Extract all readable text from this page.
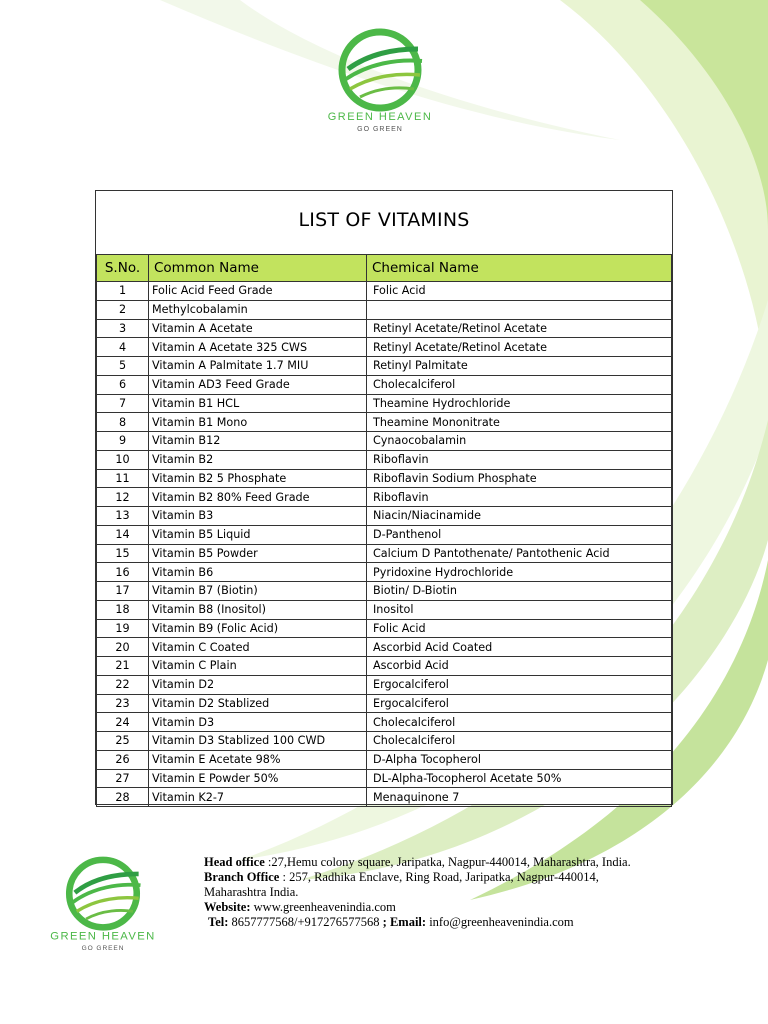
GREEN HEAVEN
GO GREEN
LIST OF VITAMINS
S.No.	Common Name	Chemical Name
1	Folic Acid Feed Grade	Folic Acid
2	Methylcobalamin	
3	Vitamin A Acetate	Retinyl Acetate/Retinol Acetate
4	Vitamin A Acetate 325 CWS	Retinyl Acetate/Retinol Acetate
5	Vitamin A Palmitate 1.7 MIU	Retinyl Palmitate
6	Vitamin AD3 Feed Grade	Cholecalciferol
7	Vitamin B1 HCL	Theamine Hydrochloride
8	Vitamin B1 Mono	Theamine Mononitrate
9	Vitamin B12	Cynaocobalamin
10	Vitamin B2	Riboflavin
11	Vitamin B2 5 Phosphate	Riboflavin Sodium Phosphate
12	Vitamin B2 80% Feed Grade	Riboflavin
13	Vitamin B3	Niacin/Niacinamide
14	Vitamin B5 Liquid	D-Panthenol
15	Vitamin B5 Powder	Calcium D Pantothenate/ Pantothenic Acid
16	Vitamin B6	Pyridoxine Hydrochloride
17	Vitamin B7 (Biotin)	Biotin/ D-Biotin
18	Vitamin B8 (Inositol)	Inositol
19	Vitamin B9 (Folic Acid)	Folic Acid
20	Vitamin C Coated	Ascorbid Acid Coated
21	Vitamin C Plain	Ascorbid Acid
22	Vitamin D2	Ergocalciferol
23	Vitamin D2 Stablized	Ergocalciferol
24	Vitamin D3	Cholecalciferol
25	Vitamin D3 Stablized 100 CWD	Cholecalciferol
26	Vitamin E Acetate 98%	D-Alpha Tocopherol
27	Vitamin E Powder 50%	DL-Alpha-Tocopherol Acetate 50%
28	Vitamin K2-7	Menaquinone 7
GREEN HEAVEN
GO GREEN
Head office :27,Hemu colony square, Jaripatka, Nagpur-440014, Maharashtra, India.
Branch Office : 257, Radhika Enclave, Ring Road, Jaripatka, Nagpur-440014,
Maharashtra India.
Website: www.greenheavenindia.com
Tel: 8657777568/+917276577568 ; Email: info@greenheavenindia.com
